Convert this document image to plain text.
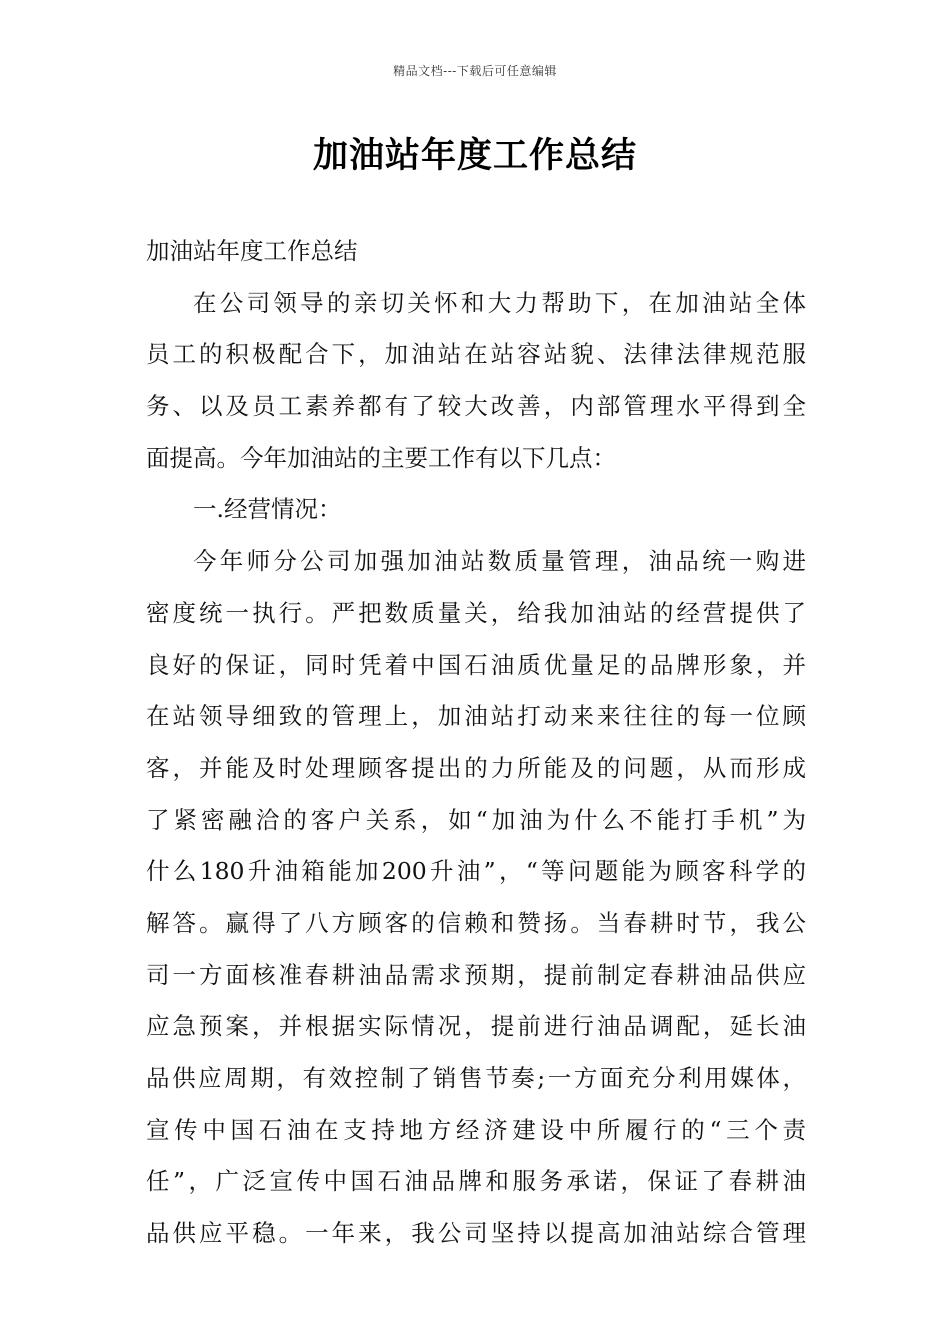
精品文档---下载后可任意编辑
加油站年度工作总结
加油站年度工作总结
在公司领导的亲切关怀和大力帮助下，在加油站全体
员工的积极配合下，加油站在站容站貌、法律法律规范服
务、以及员工素养都有了较大改善，内部管理水平得到全
面提高。今年加油站的主要工作有以下几点：
一.经营情况：
今年师分公司加强加油站数质量管理，油品统一购进
密度统一执行。严把数质量关，给我加油站的经营提供了
良好的保证，同时凭着中国石油质优量足的品牌形象，并
在站领导细致的管理上，加油站打动来来往往的每一位顾
客，并能及时处理顾客提出的力所能及的问题，从而形成
了紧密融洽的客户关系，如“加油为什么不能打手机”为
什么180升油箱能加200升油”，“等问题能为顾客科学的
解答。赢得了八方顾客的信赖和赞扬。当春耕时节，我公
司一方面核准春耕油品需求预期，提前制定春耕油品供应
应急预案，并根据实际情况，提前进行油品调配，延长油
品供应周期，有效控制了销售节奏;一方面充分利用媒体，
宣传中国石油在支持地方经济建设中所履行的“三个责
任”，广泛宣传中国石油品牌和服务承诺，保证了春耕油
品供应平稳。一年来，我公司坚持以提高加油站综合管理
